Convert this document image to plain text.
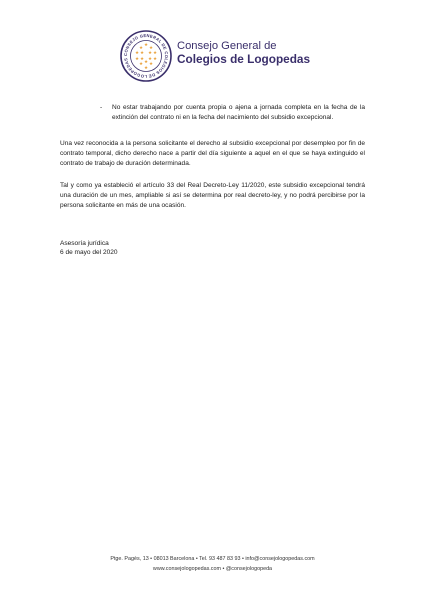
CONSEJO GENERAL DE COLEGIOS DE LOGOPEDAS
★
★ ★
★ ★ ★ ★
★ ★ ★ ★
★ ★ ★
★
Consejo General de
Colegios de Logopedas
-	No estar trabajando por cuenta propia o ajena a jornada completa en la fecha de la extinción del contrato ni en la fecha del nacimiento del subsidio excepcional.

Una vez reconocida a la persona solicitante el derecho al subsidio excepcional por desempleo por fin de contrato temporal, dicho derecho nace a partir del día siguiente a aquel en el que se haya extinguido el contrato de trabajo de duración determinada.

Tal y como ya estableció el artículo 33 del Real Decreto-Ley 11/2020, este subsidio excepcional tendrá una duración de un mes, ampliable si así se determina por real decreto-ley, y no podrá percibirse por la persona solicitante en más de una ocasión.

Asesoría jurídica
6 de mayo del 2020
Ptge. Pagès, 13 • 08013 Barcelona • Tel. 93 487 83 93 • info@consejologopedas.com
www.consejologopedas.com • @consejologopeda
